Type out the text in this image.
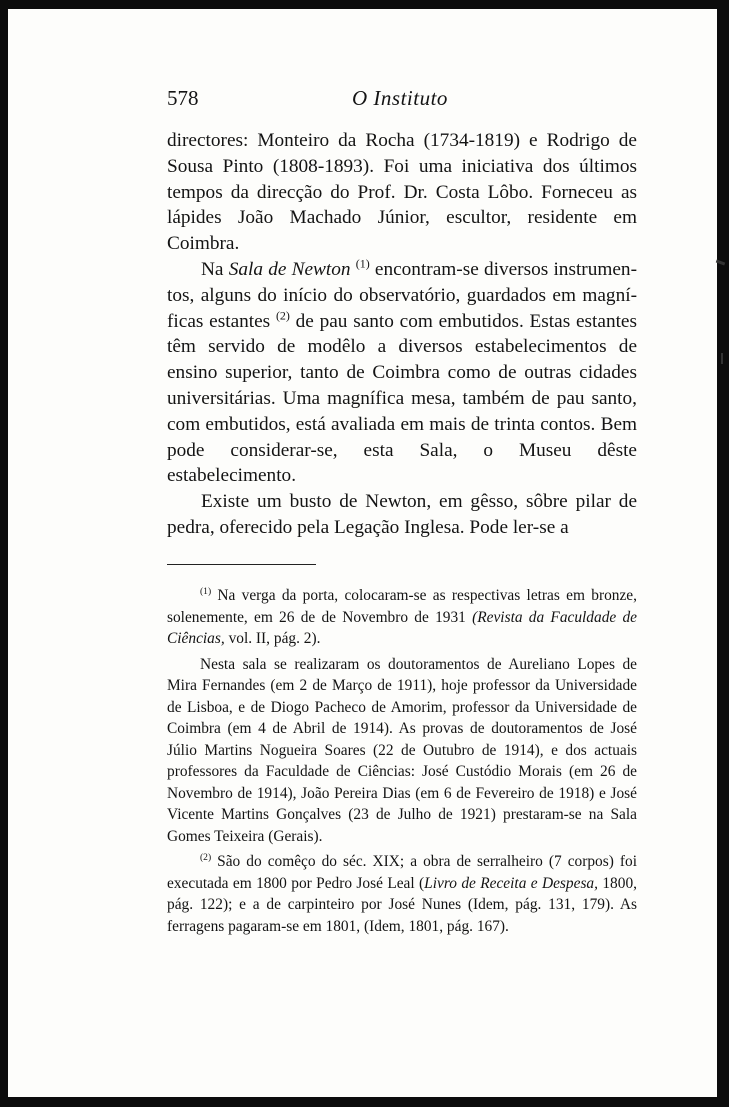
578	O Instituto

directores: Monteiro da Rocha (1734-1819) e Rodrigo de Sousa Pinto (1808-1893). Foi uma iniciativa dos últimos tempos da direcção do Prof. Dr. Costa Lôbo. Forneceu as lápides João Machado Júnior, escultor, residente em Coimbra.

Na Sala de Newton $^{(1)}$ encontram-se diversos instrumentos, alguns do início do observatório, guardados em magníficas estantes $^{(2)}$ de pau santo com embutidos. Estas estantes têm servido de modêlo a diversos estabelecimentos de ensino superior, tanto de Coimbra como de outras cidades universitárias. Uma magnífica mesa, também de pau santo, com embutidos, está avaliada em mais de trinta contos. Bem pode considerar-se, esta Sala, o Museu dêste estabelecimento.

Existe um busto de Newton, em gêsso, sôbre pilar de pedra, oferecido pela Legação Inglesa. Pode ler-se a

$^{(1)}$ Na verga da porta, colocaram-se as respectivas letras em bronze, solenemente, em 26 de de Novembro de 1931 (Revista da Faculdade de Ciências, vol. II, pág. 2).

Nesta sala se realizaram os doutoramentos de Aureliano Lopes de Mira Fernandes (em 2 de Março de 1911), hoje professor da Universidade de Lisboa, e de Diogo Pacheco de Amorim, professor da Universidade de Coimbra (em 4 de Abril de 1914). As provas de doutoramentos de José Júlio Martins Nogueira Soares (22 de Outubro de 1914), e dos actuais professores da Faculdade de Ciências: José Custódio Morais (em 26 de Novembro de 1914), João Pereira Dias (em 6 de Fevereiro de 1918) e José Vicente Martins Gonçalves (23 de Julho de 1921) prestaram-se na Sala Gomes Teixeira (Gerais).

$^{(2)}$ São do comêço do séc. XIX; a obra de serralheiro (7 corpos) foi executada em 1800 por Pedro José Leal (Livro de Receita e Despesa, 1800, pág. 122); e a de carpinteiro por José Nunes (Idem, pág. 131, 179). As ferragens pagaram-se em 1801, (Idem, 1801, pág. 167).
